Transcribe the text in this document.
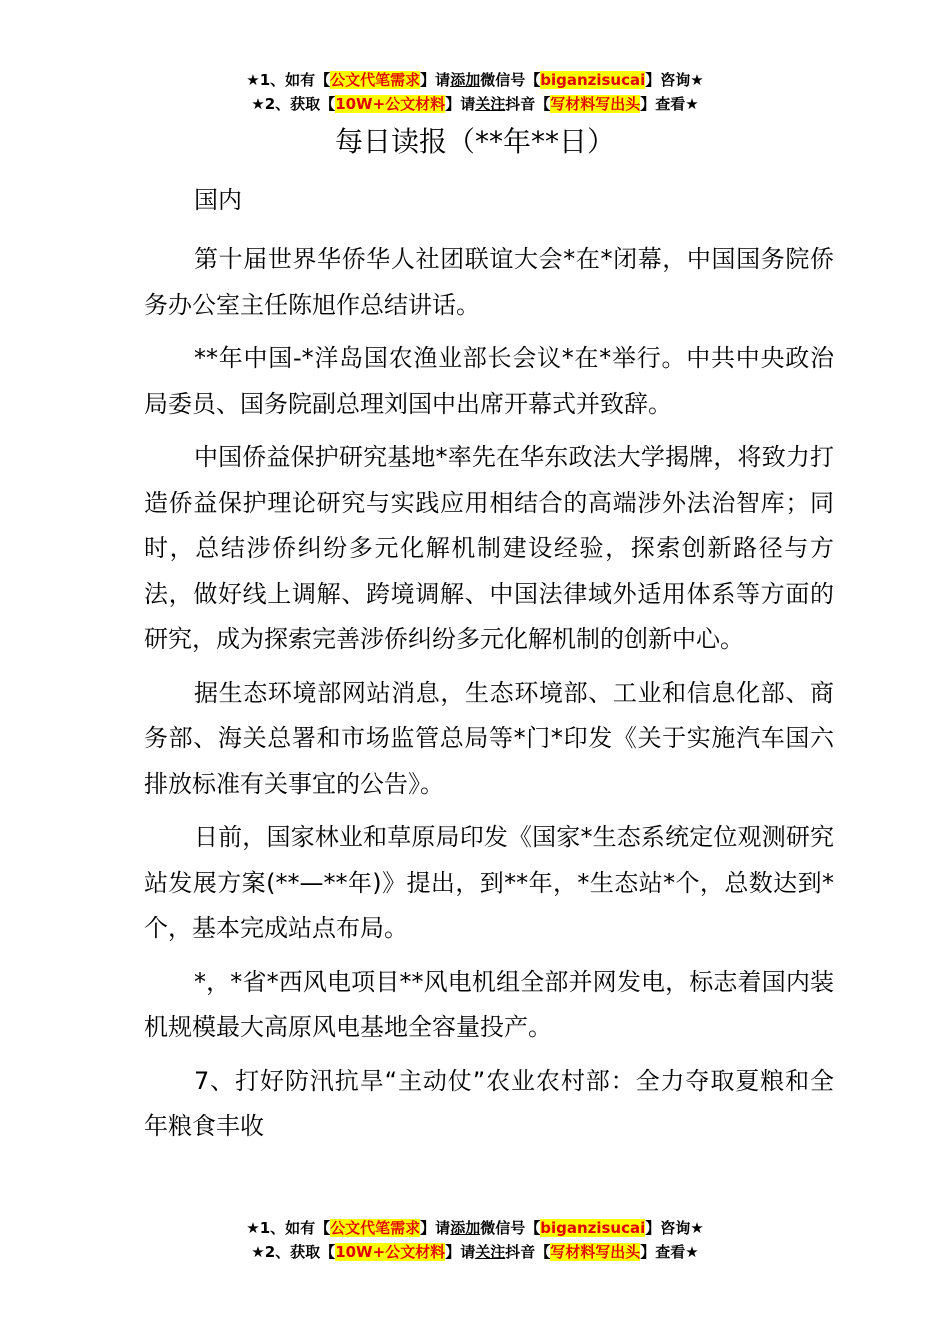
★1、如有【公文代笔需求】请添加微信号【biganzisucai】咨询★
★2、获取【10W+公文材料】请关注抖音【写材料写出头】查看★
每日读报（**年**日）
国内

第十届世界华侨华人社团联谊大会*在*闭幕，中国国务院侨务办公室主任陈旭作总结讲话。

**年中国-*洋岛国农渔业部长会议*在*举行。中共中央政治局委员、国务院副总理刘国中出席开幕式并致辞。

中国侨益保护研究基地*率先在华东政法大学揭牌，将致力打造侨益保护理论研究与实践应用相结合的高端涉外法治智库；同时，总结涉侨纠纷多元化解机制建设经验，探索创新路径与方法，做好线上调解、跨境调解、中国法律域外适用体系等方面的研究，成为探索完善涉侨纠纷多元化解机制的创新中心。

据生态环境部网站消息，生态环境部、工业和信息化部、商务部、海关总署和市场监管总局等*门*印发《关于实施汽车国六排放标准有关事宜的公告》。

日前，国家林业和草原局印发《国家*生态系统定位观测研究站发展方案(**—**年)》提出，到**年，*生态站*个，总数达到*个，基本完成站点布局。

*，*省*西风电项目**风电机组全部并网发电，标志着国内装机规模最大高原风电基地全容量投产。

7、打好防汛抗旱“主动仗”农业农村部：全力夺取夏粮和全年粮食丰收

★1、如有【公文代笔需求】请添加微信号【biganzisucai】咨询★
★2、获取【10W+公文材料】请关注抖音【写材料写出头】查看★
